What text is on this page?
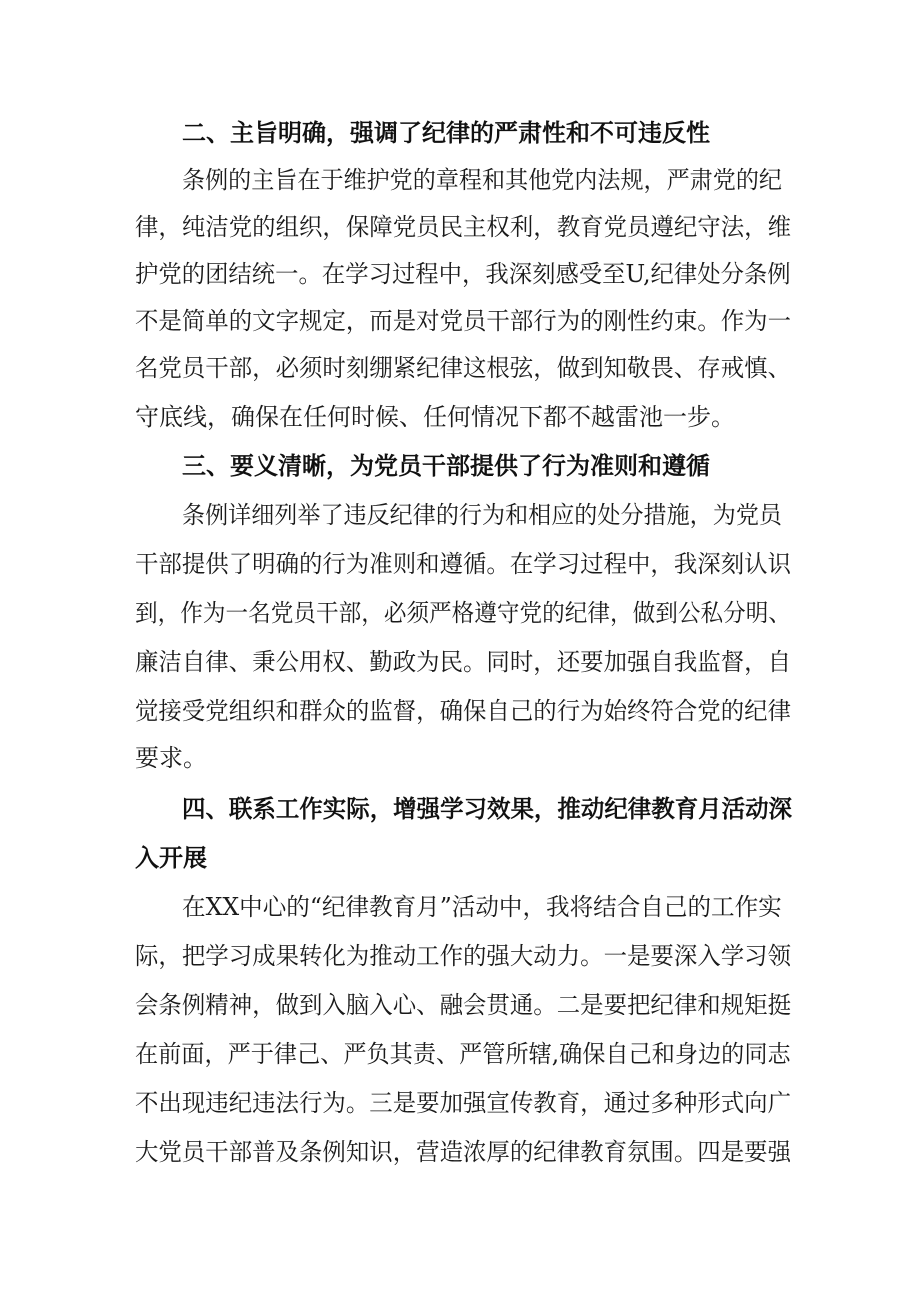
二、主旨明确，强调了纪律的严肃性和不可违反性

条例的主旨在于维护党的章程和其他党内法规，严肃党的纪

律，纯洁党的组织，保障党员民主权利，教育党员遵纪守法，维

护党的团结统一。在学习过程中，我深刻感受至U,纪律处分条例

不是简单的文字规定，而是对党员干部行为的刚性约束。作为一

名党员干部，必须时刻绷紧纪律这根弦，做到知敬畏、存戒慎、

守底线，确保在任何时候、任何情况下都不越雷池一步。

三、要义清晰，为党员干部提供了行为准则和遵循

条例详细列举了违反纪律的行为和相应的处分措施，为党员

干部提供了明确的行为准则和遵循。在学习过程中，我深刻认识

到，作为一名党员干部，必须严格遵守党的纪律，做到公私分明、

廉洁自律、秉公用权、勤政为民。同时，还要加强自我监督，自

觉接受党组织和群众的监督，确保自己的行为始终符合党的纪律

要求。

四、联系工作实际，增强学习效果，推动纪律教育月活动深

入开展

在XX中心的“纪律教育月”活动中，我将结合自己的工作实

际，把学习成果转化为推动工作的强大动力。一是要深入学习领

会条例精神，做到入脑入心、融会贯通。二是要把纪律和规矩挺

在前面，严于律己、严负其责、严管所辖,确保自己和身边的同志

不出现违纪违法行为。三是要加强宣传教育，通过多种形式向广

大党员干部普及条例知识，营造浓厚的纪律教育氛围。四是要强
